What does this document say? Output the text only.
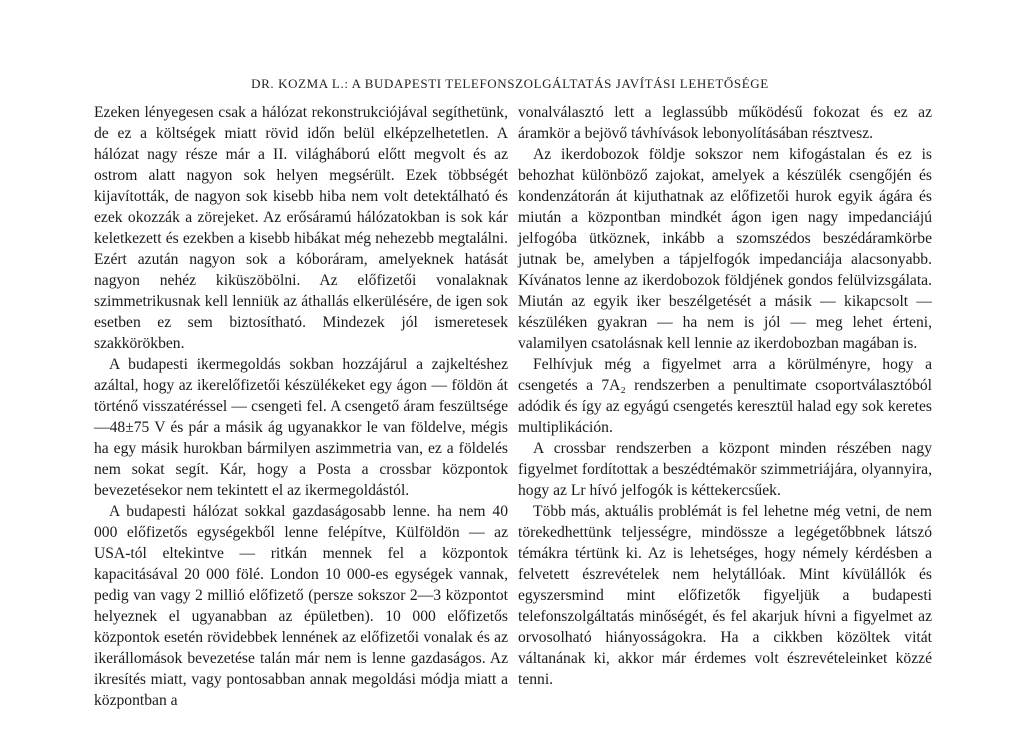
DR. KOZMA L.: A BUDAPESTI TELEFONSZOLGÁLTATÁS JAVÍTÁSI LEHETŐSÉGE

Ezeken lényegesen csak a hálózat rekonstrukciójával segíthetünk, de ez a költségek miatt rövid időn belül elképzelhetetlen. A hálózat nagy része már a II. világháború előtt megvolt és az ostrom alatt nagyon sok helyen megsérült. Ezek többségét kijavították, de nagyon sok kisebb hiba nem volt detektálható és ezek okozzák a zörejeket. Az erősáramú hálózatokban is sok kár keletkezett és ezekben a kisebb hibákat még nehezebb megtalálni. Ezért azután nagyon sok a kóboráram, amelyeknek hatását nagyon nehéz kiküszöbölni. Az előfizetői vonalaknak szimmetrikusnak kell lenniük az áthallás elkerülésére, de igen sok esetben ez sem biztosítható. Mindezek jól ismeretesek szakkörökben.

A budapesti ikermegoldás sokban hozzájárul a zajkeltéshez azáltal, hogy az ikerelőfizetői készülékeket egy ágon — földön át történő visszatéréssel — csengeti fel. A csengető áram feszültsége —48±75 V és pár a másik ág ugyanakkor le van földelve, mégis ha egy másik hurokban bármilyen aszimmetria van, ez a földelés nem sokat segít. Kár, hogy a Posta a crossbar központok bevezetésekor nem tekintett el az ikermegoldástól.

A budapesti hálózat sokkal gazdaságosabb lenne. ha nem 40 000 előfizetős egységekből lenne felépítve, Külföldön — az USA-tól eltekintve — ritkán mennek fel a központok kapacitásával 20 000 fölé. London 10 000-es egységek vannak, pedig van vagy 2 millió előfizető (persze sokszor 2—3 központot helyeznek el ugyanabban az épületben). 10 000 előfizetős központok esetén rövidebbek lennének az előfizetői vonalak és az ikerállomások bevezetése talán már nem is lenne gazdaságos. Az ikresítés miatt, vagy pontosabban annak megoldási módja miatt a központban a

vonalválasztó lett a leglassúbb működésű fokozat és ez az áramkör a bejövő távhívások lebonyolításában résztvesz.

Az ikerdobozok földje sokszor nem kifogástalan és ez is behozhat különböző zajokat, amelyek a készülék csengőjén és kondenzátorán át kijuthatnak az előfizetői hurok egyik ágára és miután a központban mindkét ágon igen nagy impedanciájú jelfogóba ütköznek, inkább a szomszédos beszédáramkörbe jutnak be, amelyben a tápjelfogók impedanciája alacsonyabb. Kívánatos lenne az ikerdobozok földjének gondos felülvizsgálata. Miután az egyik iker beszélgetését a másik — kikapcsolt — készüléken gyakran — ha nem is jól — meg lehet érteni, valamilyen csatolásnak kell lennie az ikerdobozban magában is.

Felhívjuk még a figyelmet arra a körülményre, hogy a csengetés a 7A₂ rendszerben a penultimate csoportválasztóból adódik és így az egyágú csengetés keresztül halad egy sok keretes multiplikáción.

A crossbar rendszerben a központ minden részében nagy figyelmet fordítottak a beszédtémakör szimmetriájára, olyannyira, hogy az Lr hívó jelfogók is kéttekercsűek.

Több más, aktuális problémát is fel lehetne még vetni, de nem törekedhettünk teljességre, mindössze a legégetőbbnek látszó témákra tértünk ki. Az is lehetséges, hogy némely kérdésben a felvetett észrevételek nem helytállóak. Mint kívülállók és egyszersmind mint előfizetők figyeljük a budapesti telefonszolgáltatás minőségét, és fel akarjuk hívni a figyelmet az orvosolható hiányosságokra. Ha a cikkben közöltek vitát váltanának ki, akkor már érdemes volt észrevételeinket közzé tenni.
